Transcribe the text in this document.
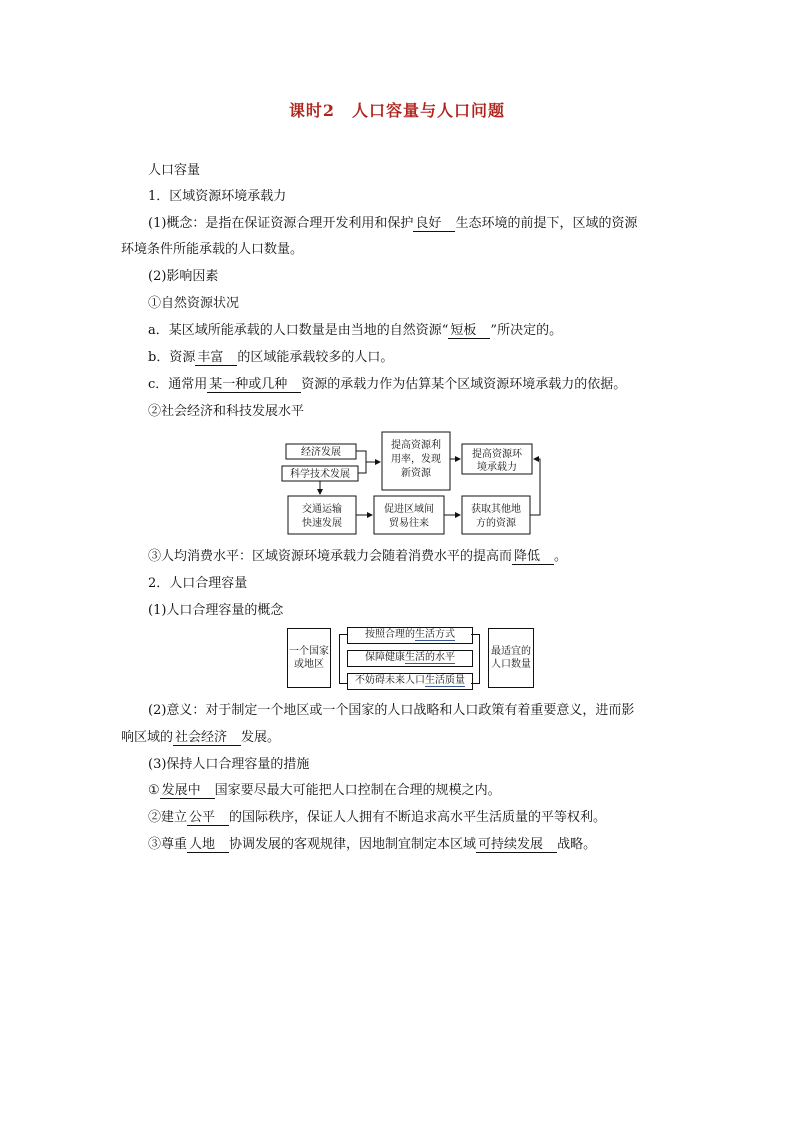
课时2　人口容量与人口问题
人口容量
1．区域资源环境承载力
(1)概念：是指在保证资源合理开发利用和保护 良好 生态环境的前提下，区域的资源
环境条件所能承载的人口数量。
(2)影响因素
①自然资源状况
a．某区域所能承载的人口数量是由当地的自然资源“ 短板 ”所决定的。
b．资源 丰富 的区域能承载较多的人口。
c．通常用 某一种或几种 资源的承载力作为估算某个区域资源环境承载力的依据。
②社会经济和科技发展水平
经济发展
科学技术发展
提高资源利
用率，发现
新资源
提高资源环
境承载力
交通运输
快速发展
促进区域间
贸易往来
获取其他地
方的资源
③人均消费水平：区域资源环境承载力会随着消费水平的提高而 降低 。
2．人口合理容量
(1)人口合理容量的概念
一个国家
或地区
按照合理的生活方式
保障健康生活的水平
不妨碍未来人口生活质量
最适宜的
人口数量
(2)意义：对于制定一个地区或一个国家的人口战略和人口政策有着重要意义，进而影
响区域的 社会经济 发展。
(3)保持人口合理容量的措施
① 发展中 国家要尽最大可能把人口控制在合理的规模之内。
②建立 公平 的国际秩序，保证人人拥有不断追求高水平生活质量的平等权利。
③尊重 人地 协调发展的客观规律，因地制宜制定本区域 可持续发展 战略。
